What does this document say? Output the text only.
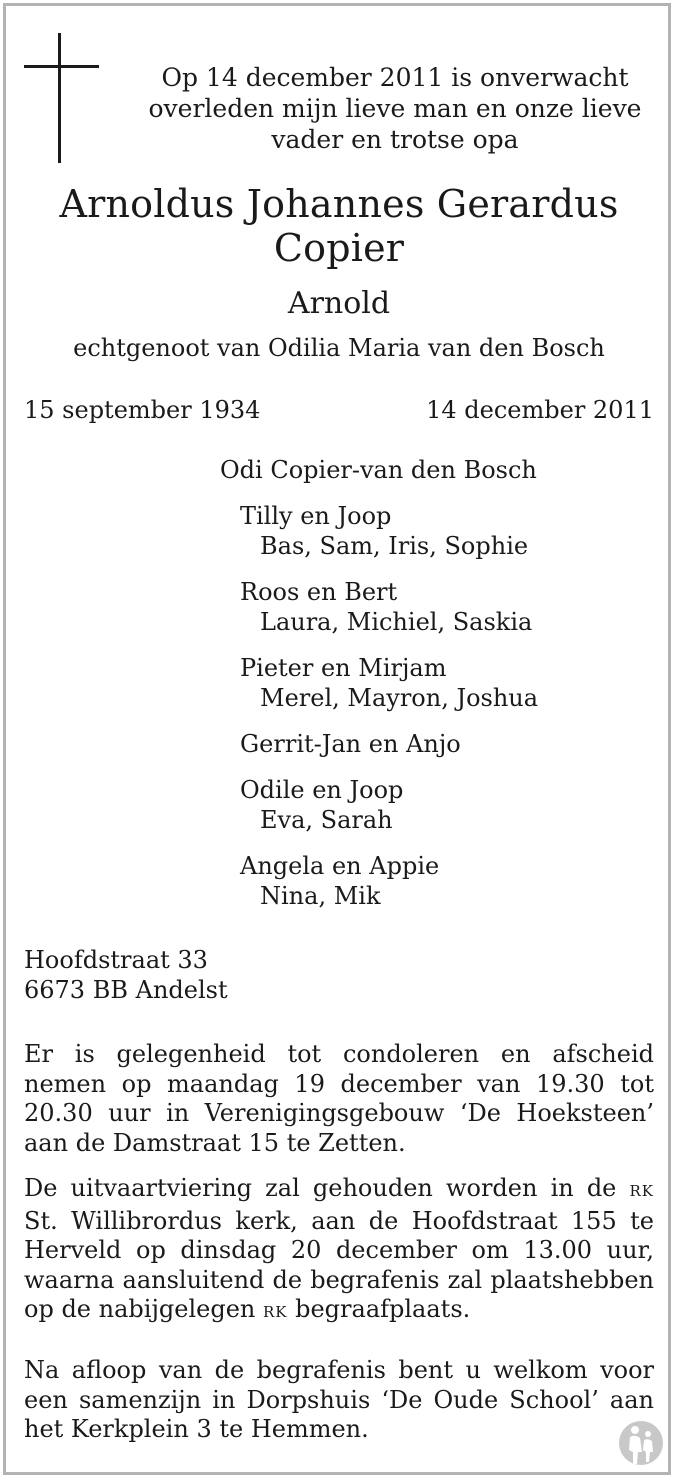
Op 14 december 2011 is onverwacht
overleden mijn lieve man en onze lieve
vader en trotse opa
Arnoldus Johannes Gerardus
Copier
Arnold
echtgenoot van Odilia Maria van den Bosch
15 september 1934	14 december 2011
Odi Copier-van den Bosch
Tilly en Joop
Bas, Sam, Iris, Sophie
Roos en Bert
Laura, Michiel, Saskia
Pieter en Mirjam
Merel, Mayron, Joshua
Gerrit-Jan en Anjo
Odile en Joop
Eva, Sarah
Angela en Appie
Nina, Mik
Hoofdstraat 33
6673 BB Andelst
Er is gelegenheid tot condoleren en afscheid nemen op maandag 19 december van 19.30 tot 20.30 uur in Verenigingsgebouw ‘De Hoeksteen’ aan de Damstraat 15 te Zetten.
De uitvaartviering zal gehouden worden in de RK St. Willibrordus kerk, aan de Hoofdstraat 155 te Herveld op dinsdag 20 december om 13.00 uur, waarna aansluitend de begrafenis zal plaatshebben op de nabijgelegen RK begraafplaats.
Na afloop van de begrafenis bent u welkom voor een samenzijn in Dorpshuis ‘De Oude School’ aan het Kerkplein 3 te Hemmen.
